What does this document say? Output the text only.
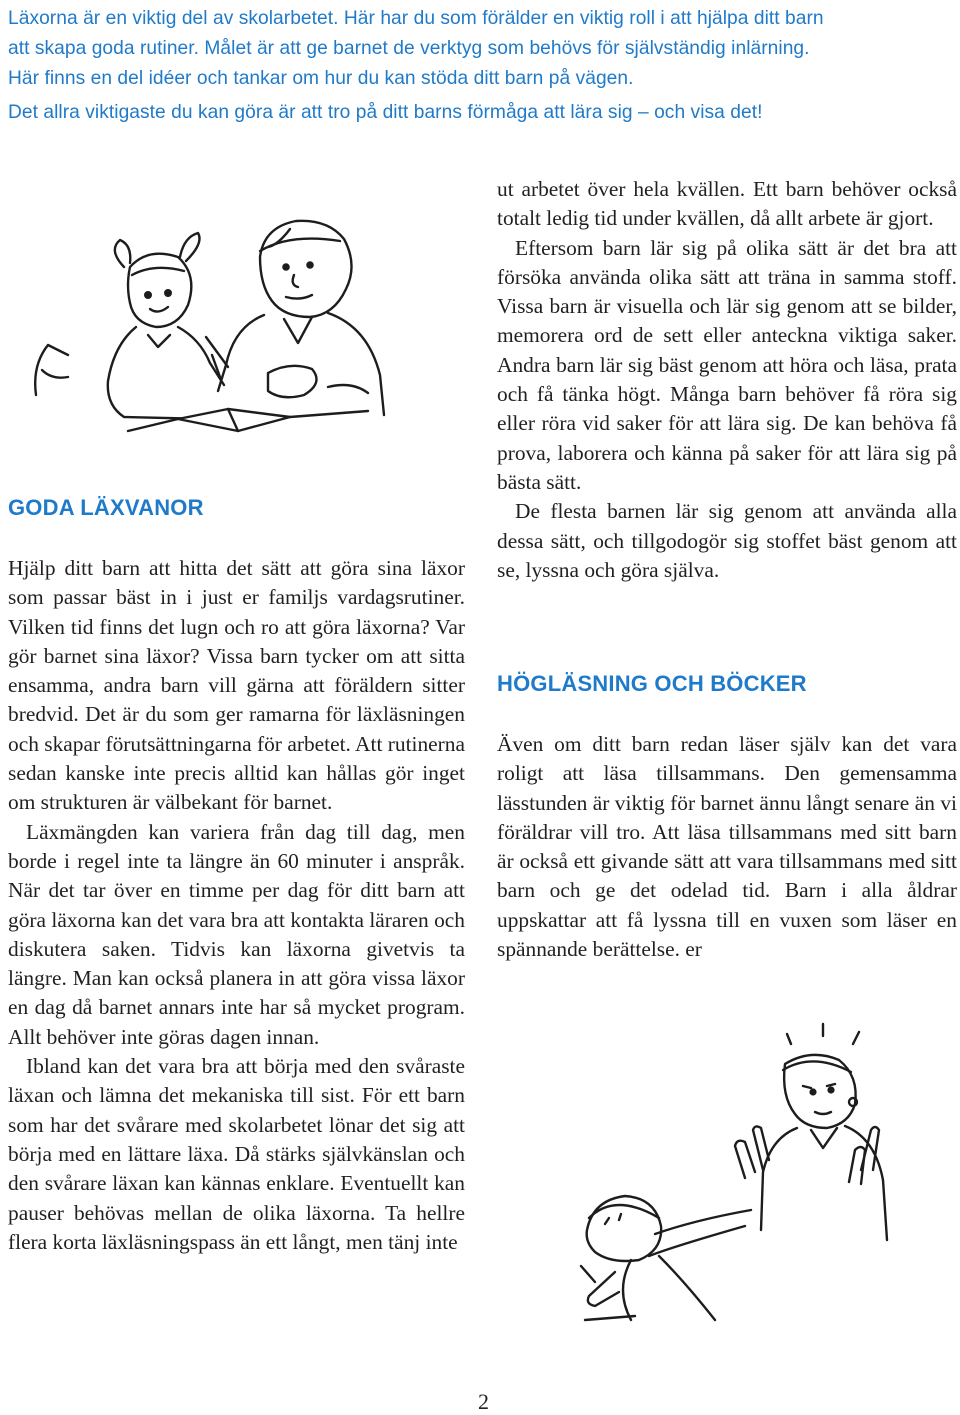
Läxorna är en viktig del av skolarbetet. Här har du som förälder en viktig roll i att hjälpa ditt barn

att skapa goda rutiner. Målet är att ge barnet de verktyg som behövs för självständig inlärning.

Här finns en del idéer och tankar om hur du kan stöda ditt barn på vägen.

Det allra viktigaste du kan göra är att tro på ditt barns förmåga att lära sig – och visa det!

GODA LÄXVANOR

Hjälp ditt barn att hitta det sätt att göra sina läxor som passar bäst in i just er familjs vardagsrutiner. Vilken tid finns det lugn och ro att göra läxorna? Var gör barnet sina läxor? Vissa barn tycker om att sitta ensamma, andra barn vill gärna att föräldern sitter bredvid. Det är du som ger ramarna för läxläsningen och skapar förutsättningarna för arbetet. Att rutinerna sedan kanske inte precis alltid kan hållas gör inget om strukturen är välbekant för barnet.

Läxmängden kan variera från dag till dag, men borde i regel inte ta längre än 60 minuter i anspråk. När det tar över en timme per dag för ditt barn att göra läxorna kan det vara bra att kontakta läraren och diskutera saken. Tidvis kan läxorna givetvis ta längre. Man kan också planera in att göra vissa läxor en dag då barnet annars inte har så mycket program. Allt behöver inte göras dagen innan.

Ibland kan det vara bra att börja med den svåraste läxan och lämna det mekaniska till sist. För ett barn som har det svårare med skolarbetet lönar det sig att börja med en lättare läxa. Då stärks självkänslan och den svårare läxan kan kännas enklare. Eventuellt kan pauser behövas mellan de olika läxorna. Ta hellre flera korta läxläsningspass än ett långt, men tänj inte

ut arbetet över hela kvällen. Ett barn behöver också totalt ledig tid under kvällen, då allt arbete är gjort.

Eftersom barn lär sig på olika sätt är det bra att försöka använda olika sätt att träna in samma stoff. Vissa barn är visuella och lär sig genom att se bilder, memorera ord de sett eller anteckna viktiga saker. Andra barn lär sig bäst genom att höra och läsa, prata och få tänka högt. Många barn behöver få röra sig eller röra vid saker för att lära sig. De kan behöva få prova, laborera och känna på saker för att lära sig på bästa sätt.

De flesta barnen lär sig genom att använda alla dessa sätt, och tillgodogör sig stoffet bäst genom att se, lyssna och göra själva.

HÖGLÄSNING OCH BÖCKER

Även om ditt barn redan läser själv kan det vara roligt att läsa tillsammans. Den gemensamma lässtunden är viktig för barnet ännu långt senare än vi föräldrar vill tro. Att läsa tillsammans med sitt barn är också ett givande sätt att vara tillsammans med sitt barn och ge det odelad tid. Barn i alla åldrar uppskattar att få lyssna till en vuxen som läser en spännande berättelse. er

2
